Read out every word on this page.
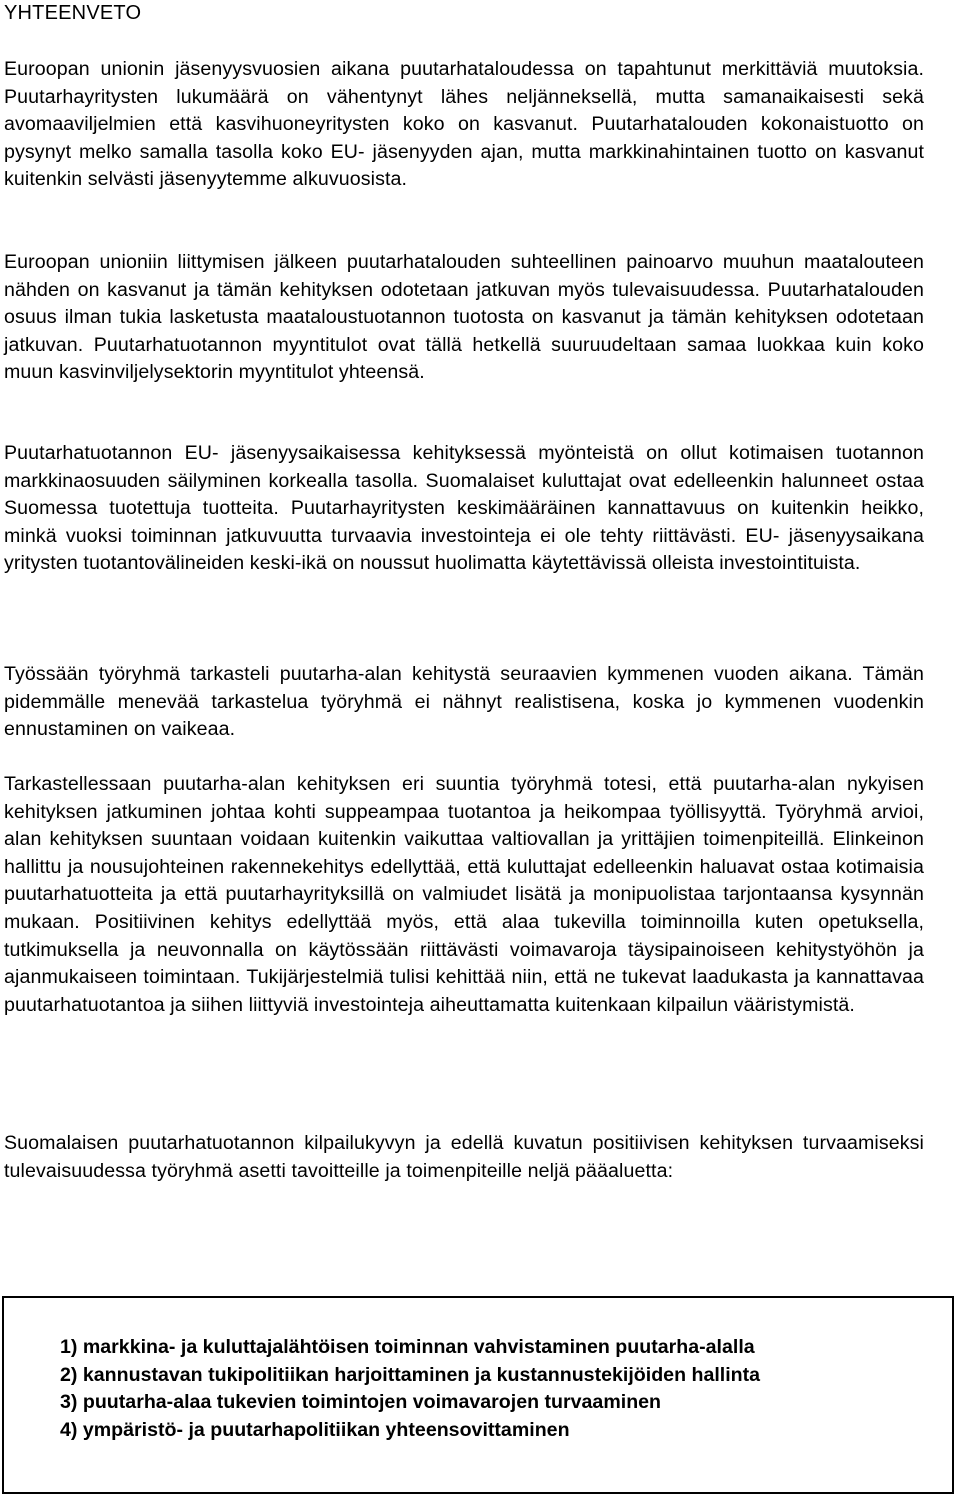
YHTEENVETO

Euroopan unionin jäsenyysvuosien aikana puutarhataloudessa on tapahtunut merkittäviä muutoksia. Puutarhayritysten lukumäärä on vähentynyt lähes neljänneksellä, mutta samanaikaisesti sekä avomaaviljelmien että kasvihuoneyritysten koko on kasvanut. Puutarhatalouden kokonaistuotto on pysynyt melko samalla tasolla koko EU- jäsenyyden ajan, mutta markkinahintainen tuotto on kasvanut kuitenkin selvästi jäsenyytemme alkuvuosista.

Euroopan unioniin liittymisen jälkeen puutarhatalouden suhteellinen painoarvo muuhun maatalouteen nähden on kasvanut ja tämän kehityksen odotetaan jatkuvan myös tulevaisuudessa. Puutarhatalouden osuus ilman tukia lasketusta maataloustuotannon tuotosta on kasvanut ja tämän kehityksen odotetaan jatkuvan. Puutarhatuotannon myyntitulot ovat tällä hetkellä suuruudeltaan samaa luokkaa kuin koko muun kasvinviljelysektorin myyntitulot yhteensä.

Puutarhatuotannon EU- jäsenyysaikaisessa kehityksessä myönteistä on ollut kotimaisen tuotannon markkinaosuuden säilyminen korkealla tasolla. Suomalaiset kuluttajat ovat edelleenkin halunneet ostaa Suomessa tuotettuja tuotteita. Puutarhayritysten keskimääräinen kannattavuus on kuitenkin heikko, minkä vuoksi toiminnan jatkuvuutta turvaavia investointeja ei ole tehty riittävästi. EU- jäsenyysaikana yritysten tuotantovälineiden keski-ikä on noussut huolimatta käytettävissä olleista investointituista.

Työssään työryhmä tarkasteli puutarha-alan kehitystä seuraavien kymmenen vuoden aikana. Tämän pidemmälle menevää tarkastelua työryhmä ei nähnyt realistisena, koska jo kymmenen vuodenkin ennustaminen on vaikeaa.

Tarkastellessaan puutarha-alan kehityksen eri suuntia työryhmä totesi, että puutarha-alan nykyisen kehityksen jatkuminen johtaa kohti suppeampaa tuotantoa ja heikompaa työllisyyttä. Työryhmä arvioi, alan kehityksen suuntaan voidaan kuitenkin vaikuttaa valtiovallan ja yrittäjien toimenpiteillä. Elinkeinon hallittu ja nousujohteinen rakennekehitys edellyttää, että kuluttajat edelleenkin haluavat ostaa kotimaisia puutarhatuotteita ja että puutarhayrityksillä on valmiudet lisätä ja monipuolistaa tarjontaansa kysynnän mukaan. Positiivinen kehitys edellyttää myös, että alaa tukevilla toiminnoilla kuten opetuksella, tutkimuksella ja neuvonnalla on käytössään riittävästi voimavaroja täysipainoiseen kehitystyöhön ja ajanmukaiseen toimintaan. Tukijärjestelmiä tulisi kehittää niin, että ne tukevat laadukasta ja kannattavaa puutarhatuotantoa ja siihen liittyviä investointeja aiheuttamatta kuitenkaan kilpailun vääristymistä.

Suomalaisen puutarhatuotannon kilpailukyvyn ja edellä kuvatun positiivisen kehityksen turvaamiseksi tulevaisuudessa työryhmä asetti tavoitteille ja toimenpiteille neljä pääaluetta:

1) markkina- ja kuluttajalähtöisen toiminnan vahvistaminen puutarha-alalla
2) kannustavan tukipolitiikan harjoittaminen ja kustannustekijöiden hallinta
3) puutarha-alaa tukevien toimintojen voimavarojen turvaaminen
4) ympäristö- ja puutarhapolitiikan yhteensovittaminen
